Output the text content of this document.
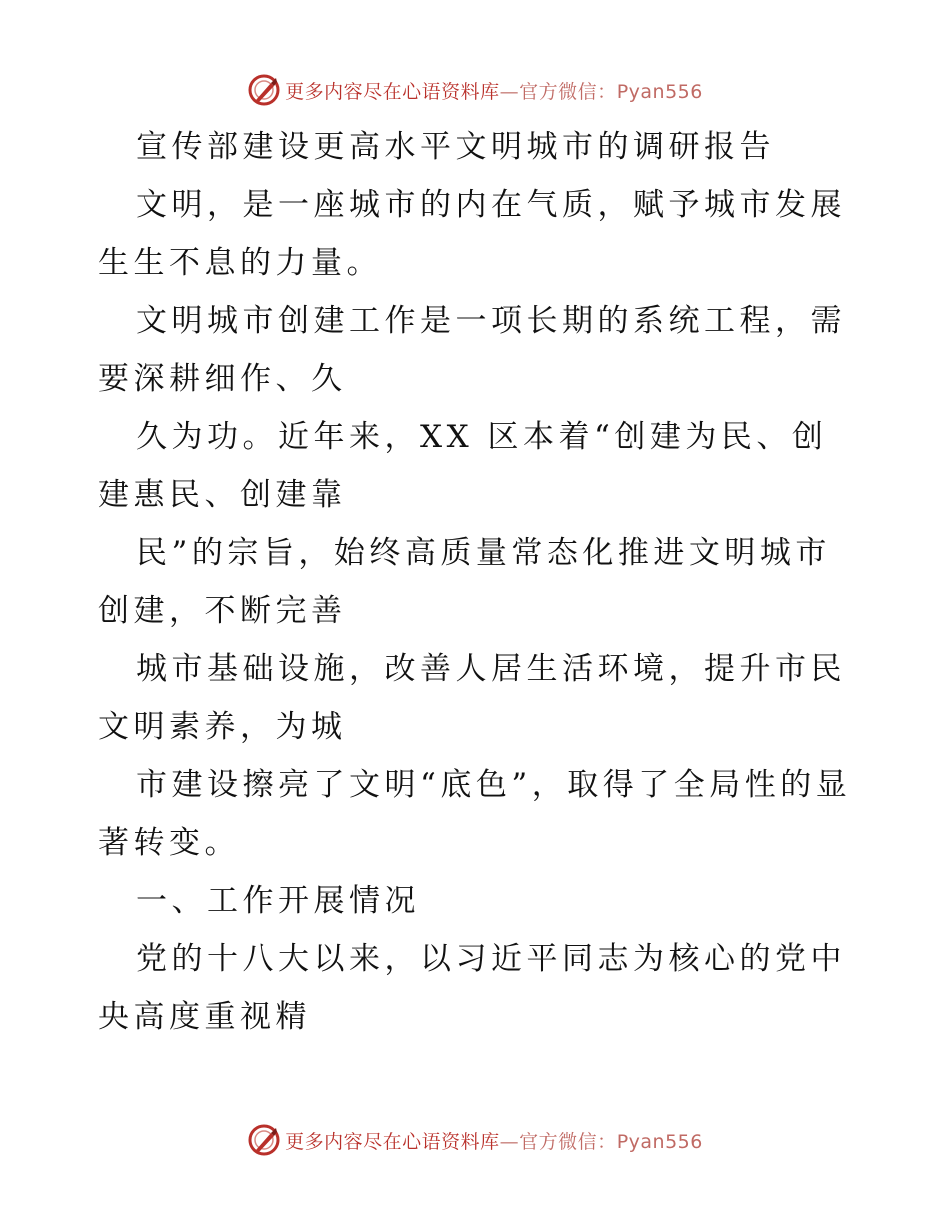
更多内容尽在心语资料库—官方微信：Pyan556

宣传部建设更高水平文明城市的调研报告

文明，是一座城市的内在气质，赋予城市发展生生不息的力量。

文明城市创建工作是一项长期的系统工程，需要深耕细作、久

久为功。近年来，XX 区本着“创建为民、创建惠民、创建靠

民”的宗旨，始终高质量常态化推进文明城市创建，不断完善

城市基础设施，改善人居生活环境，提升市民文明素养，为城

市建设擦亮了文明“底色”，取得了全局性的显著转变。

一、工作开展情况

党的十八大以来，以习近平同志为核心的党中央高度重视精

更多内容尽在心语资料库—官方微信：Pyan556
